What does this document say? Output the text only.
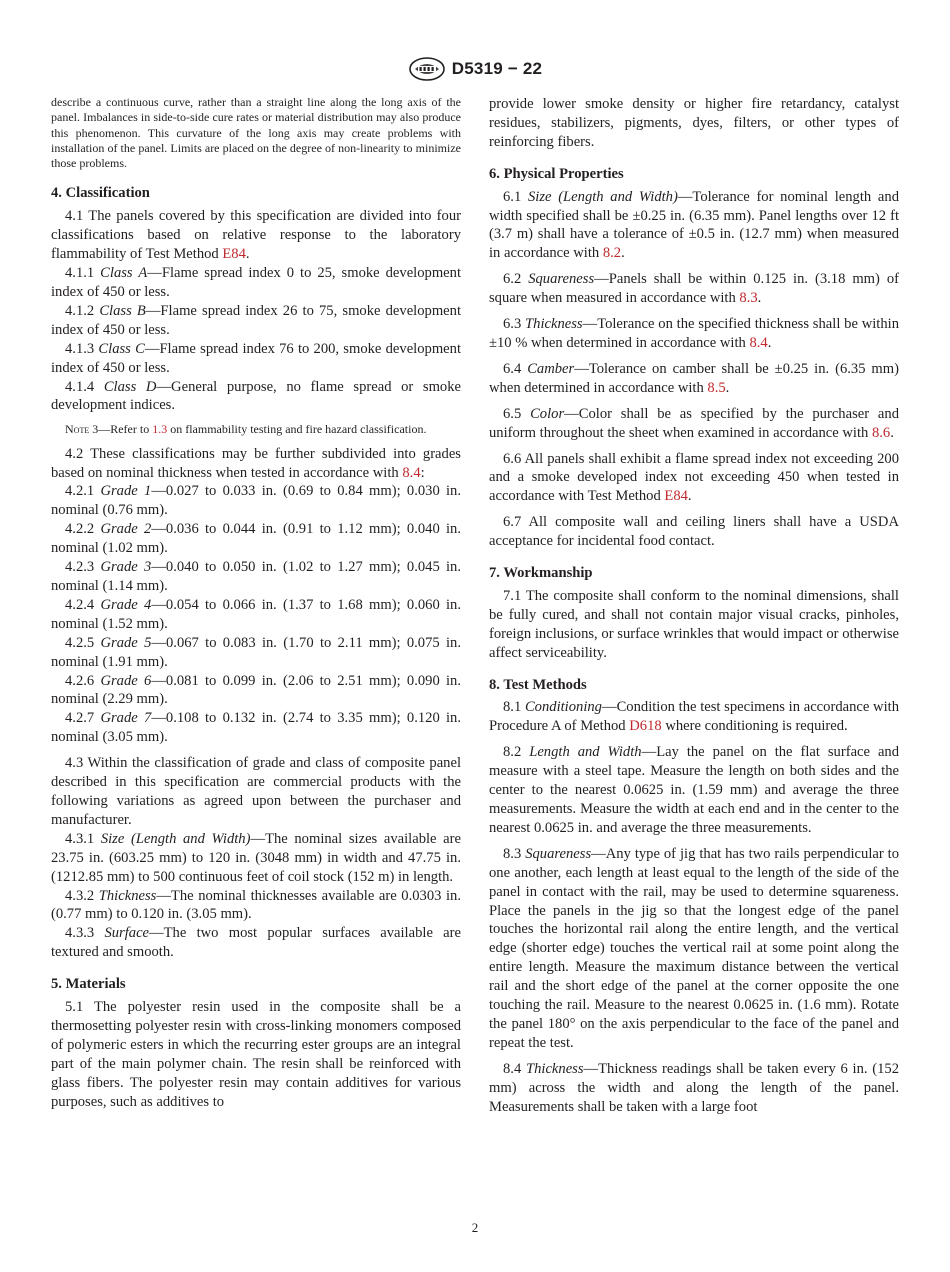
D5319 − 22

describe a continuous curve, rather than a straight line along the long axis of the panel. Imbalances in side-to-side cure rates or material distribution may also produce this phenomenon. This curvature of the long axis may create problems with installation of the panel. Limits are placed on the degree of non-linearity to minimize those problems.

4. Classification

4.1 The panels covered by this specification are divided into four classifications based on relative response to the laboratory flammability of Test Method E84.

4.1.1 Class A—Flame spread index 0 to 25, smoke development index of 450 or less.

4.1.2 Class B—Flame spread index 26 to 75, smoke development index of 450 or less.

4.1.3 Class C—Flame spread index 76 to 200, smoke development index of 450 or less.

4.1.4 Class D—General purpose, no flame spread or smoke development indices.

Note 3—Refer to 1.3 on flammability testing and fire hazard classification.

4.2 These classifications may be further subdivided into grades based on nominal thickness when tested in accordance with 8.4:

4.2.1 Grade 1—0.027 to 0.033 in. (0.69 to 0.84 mm); 0.030 in. nominal (0.76 mm).

4.2.2 Grade 2—0.036 to 0.044 in. (0.91 to 1.12 mm); 0.040 in. nominal (1.02 mm).

4.2.3 Grade 3—0.040 to 0.050 in. (1.02 to 1.27 mm); 0.045 in. nominal (1.14 mm).

4.2.4 Grade 4—0.054 to 0.066 in. (1.37 to 1.68 mm); 0.060 in. nominal (1.52 mm).

4.2.5 Grade 5—0.067 to 0.083 in. (1.70 to 2.11 mm); 0.075 in. nominal (1.91 mm).

4.2.6 Grade 6—0.081 to 0.099 in. (2.06 to 2.51 mm); 0.090 in. nominal (2.29 mm).

4.2.7 Grade 7—0.108 to 0.132 in. (2.74 to 3.35 mm); 0.120 in. nominal (3.05 mm).

4.3 Within the classification of grade and class of composite panel described in this specification are commercial products with the following variations as agreed upon between the purchaser and manufacturer.

4.3.1 Size (Length and Width)—The nominal sizes available are 23.75 in. (603.25 mm) to 120 in. (3048 mm) in width and 47.75 in. (1212.85 mm) to 500 continuous feet of coil stock (152 m) in length.

4.3.2 Thickness—The nominal thicknesses available are 0.0303 in. (0.77 mm) to 0.120 in. (3.05 mm).

4.3.3 Surface—The two most popular surfaces available are textured and smooth.

5. Materials

5.1 The polyester resin used in the composite shall be a thermosetting polyester resin with cross-linking monomers composed of polymeric esters in which the recurring ester groups are an integral part of the main polymer chain. The resin shall be reinforced with glass fibers. The polyester resin may contain additives for various purposes, such as additives to

provide lower smoke density or higher fire retardancy, catalyst residues, stabilizers, pigments, dyes, filters, or other types of reinforcing fibers.

6. Physical Properties

6.1 Size (Length and Width)—Tolerance for nominal length and width specified shall be ±0.25 in. (6.35 mm). Panel lengths over 12 ft (3.7 m) shall have a tolerance of ±0.5 in. (12.7 mm) when measured in accordance with 8.2.

6.2 Squareness—Panels shall be within 0.125 in. (3.18 mm) of square when measured in accordance with 8.3.

6.3 Thickness—Tolerance on the specified thickness shall be within ±10 % when determined in accordance with 8.4.

6.4 Camber—Tolerance on camber shall be ±0.25 in. (6.35 mm) when determined in accordance with 8.5.

6.5 Color—Color shall be as specified by the purchaser and uniform throughout the sheet when examined in accordance with 8.6.

6.6 All panels shall exhibit a flame spread index not exceeding 200 and a smoke developed index not exceeding 450 when tested in accordance with Test Method E84.

6.7 All composite wall and ceiling liners shall have a USDA acceptance for incidental food contact.

7. Workmanship

7.1 The composite shall conform to the nominal dimensions, shall be fully cured, and shall not contain major visual cracks, pinholes, foreign inclusions, or surface wrinkles that would impact or otherwise affect serviceability.

8. Test Methods

8.1 Conditioning—Condition the test specimens in accordance with Procedure A of Method D618 where conditioning is required.

8.2 Length and Width—Lay the panel on the flat surface and measure with a steel tape. Measure the length on both sides and the center to the nearest 0.0625 in. (1.59 mm) and average the three measurements. Measure the width at each end and in the center to the nearest 0.0625 in. and average the three measurements.

8.3 Squareness—Any type of jig that has two rails perpendicular to one another, each length at least equal to the length of the side of the panel in contact with the rail, may be used to determine squareness. Place the panels in the jig so that the longest edge of the panel touches the horizontal rail along the entire length, and the vertical edge (shorter edge) touches the vertical rail at some point along the entire length. Measure the maximum distance between the vertical rail and the short edge of the panel at the corner opposite the one touching the rail. Measure to the nearest 0.0625 in. (1.6 mm). Rotate the panel 180° on the axis perpendicular to the face of the panel and repeat the test.

8.4 Thickness—Thickness readings shall be taken every 6 in. (152 mm) across the width and along the length of the panel. Measurements shall be taken with a large foot

2
